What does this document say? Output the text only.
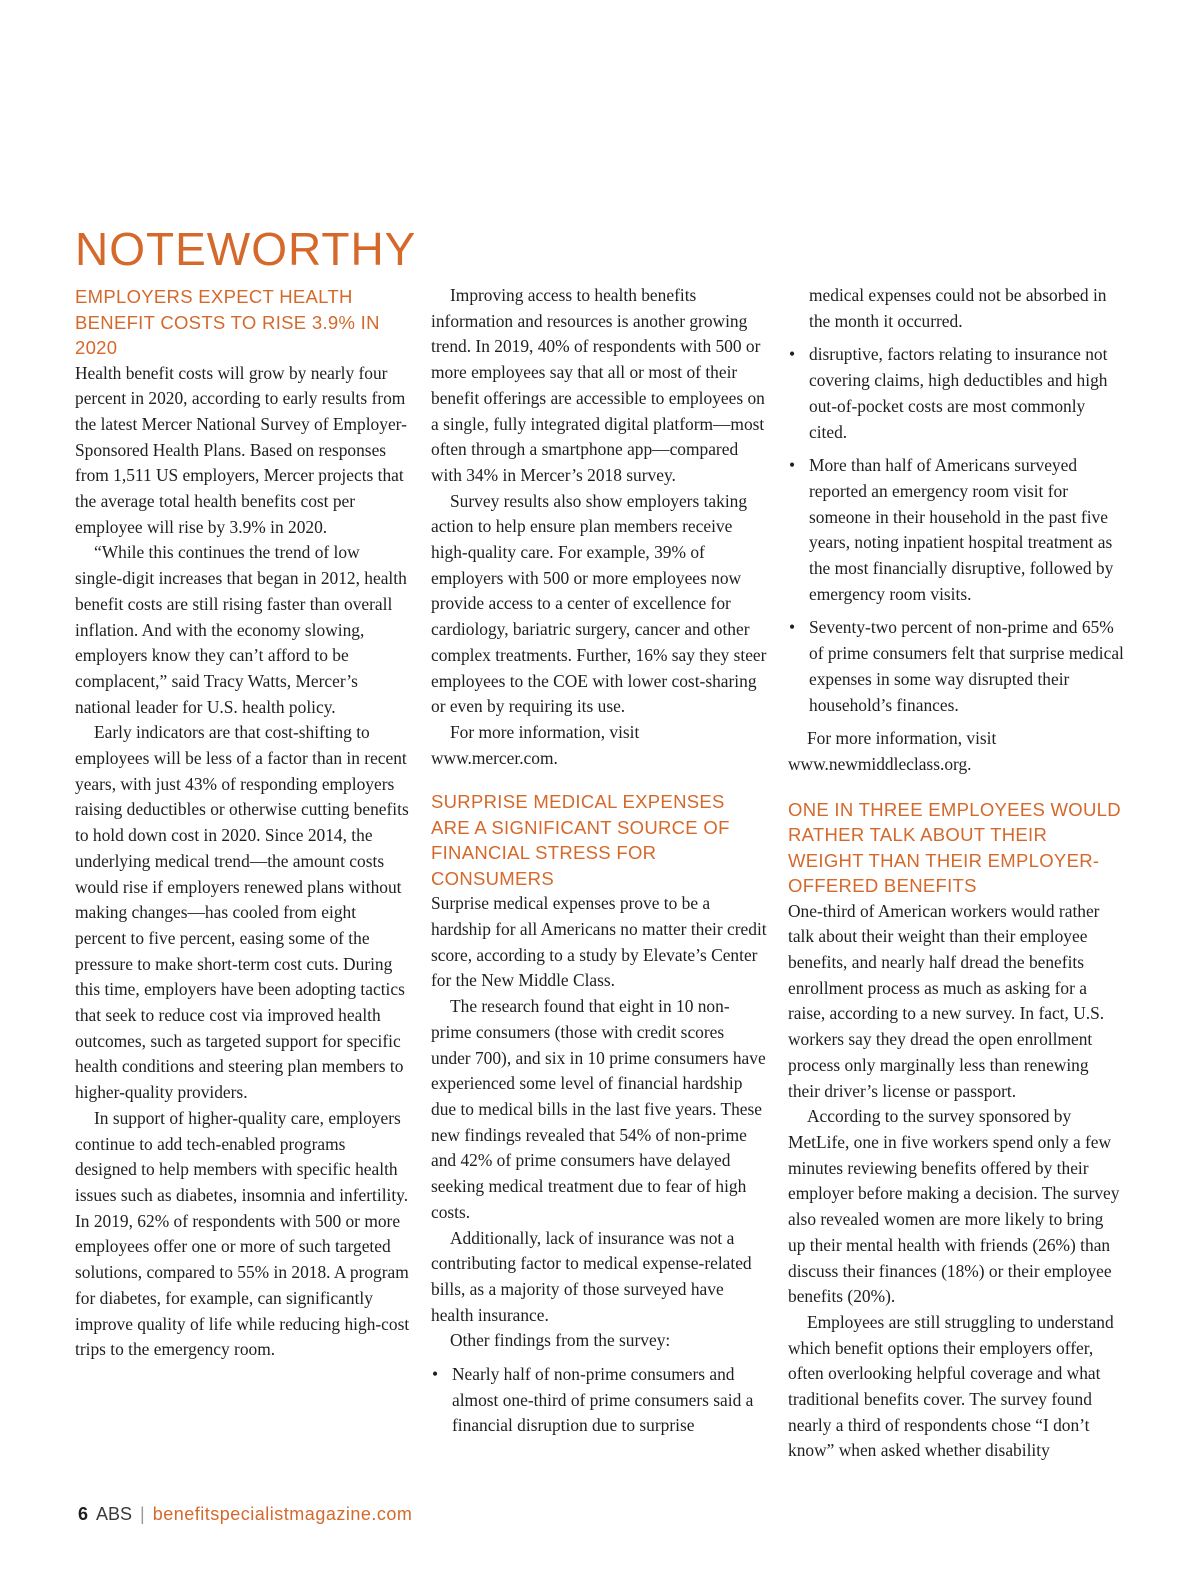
NOTEWORTHY
EMPLOYERS EXPECT HEALTH BENEFIT COSTS TO RISE 3.9% IN 2020

Health benefit costs will grow by nearly four percent in 2020, according to early results from the latest Mercer National Survey of Employer-Sponsored Health Plans. Based on responses from 1,511 US employers, Mercer projects that the average total health benefits cost per employee will rise by 3.9% in 2020.

“While this continues the trend of low single-digit increases that began in 2012, health benefit costs are still rising faster than overall inflation. And with the economy slowing, employers know they can’t afford to be complacent,” said Tracy Watts, Mercer’s national leader for U.S. health policy.

Early indicators are that cost-shifting to employees will be less of a factor than in recent years, with just 43% of responding employers raising deductibles or otherwise cutting benefits to hold down cost in 2020. Since 2014, the underlying medical trend—the amount costs would rise if employers renewed plans without making changes—has cooled from eight percent to five percent, easing some of the pressure to make short-term cost cuts. During this time, employers have been adopting tactics that seek to reduce cost via improved health outcomes, such as targeted support for specific health conditions and steering plan members to higher-quality providers.

In support of higher-quality care, employers continue to add tech-enabled programs designed to help members with specific health issues such as diabetes, insomnia and infertility. In 2019, 62% of respondents with 500 or more employees offer one or more of such targeted solutions, compared to 55% in 2018. A program for diabetes, for example, can significantly improve quality of life while reducing high-cost trips to the emergency room.

Improving access to health benefits information and resources is another growing trend. In 2019, 40% of respondents with 500 or more employees say that all or most of their benefit offerings are accessible to employees on a single, fully integrated digital platform—most often through a smartphone app—compared with 34% in Mercer’s 2018 survey.

Survey results also show employers taking action to help ensure plan members receive high-quality care. For example, 39% of employers with 500 or more employees now provide access to a center of excellence for cardiology, bariatric surgery, cancer and other complex treatments. Further, 16% say they steer employees to the COE with lower cost-sharing or even by requiring its use.

For more information, visit www.mercer.com.

SURPRISE MEDICAL EXPENSES ARE A SIGNIFICANT SOURCE OF FINANCIAL STRESS FOR CONSUMERS

Surprise medical expenses prove to be a hardship for all Americans no matter their credit score, according to a study by Elevate’s Center for the New Middle Class.

The research found that eight in 10 non-prime consumers (those with credit scores under 700), and six in 10 prime consumers have experienced some level of financial hardship due to medical bills in the last five years. These new findings revealed that 54% of non-prime and 42% of prime consumers have delayed seeking medical treatment due to fear of high costs.

Additionally, lack of insurance was not a contributing factor to medical expense-related bills, as a majority of those surveyed have health insurance.

Other findings from the survey:

• Nearly half of non-prime consumers and almost one-third of prime consumers said a financial disruption due to surprise
medical expenses could not be absorbed in the month it occurred.
• disruptive, factors relating to insurance not covering claims, high deductibles and high out-of-pocket costs are most commonly cited.
• More than half of Americans surveyed reported an emergency room visit for someone in their household in the past five years, noting inpatient hospital treatment as the most financially disruptive, followed by emergency room visits.
• Seventy-two percent of non-prime and 65% of prime consumers felt that surprise medical expenses in some way disrupted their household’s finances.

For more information, visit www.newmiddleclass.org.

ONE IN THREE EMPLOYEES WOULD RATHER TALK ABOUT THEIR WEIGHT THAN THEIR EMPLOYER-OFFERED BENEFITS

One-third of American workers would rather talk about their weight than their employee benefits, and nearly half dread the benefits enrollment process as much as asking for a raise, according to a new survey. In fact, U.S. workers say they dread the open enrollment process only marginally less than renewing their driver’s license or passport.

According to the survey sponsored by MetLife, one in five workers spend only a few minutes reviewing benefits offered by their employer before making a decision. The survey also revealed women are more likely to bring up their mental health with friends (26%) than discuss their finances (18%) or their employee benefits (20%).

Employees are still struggling to understand which benefit options their employers offer, often overlooking helpful coverage and what traditional benefits cover. The survey found nearly a third of respondents chose “I don’t know” when asked whether disability

6 ABS | benefitspecialistmagazine.com
